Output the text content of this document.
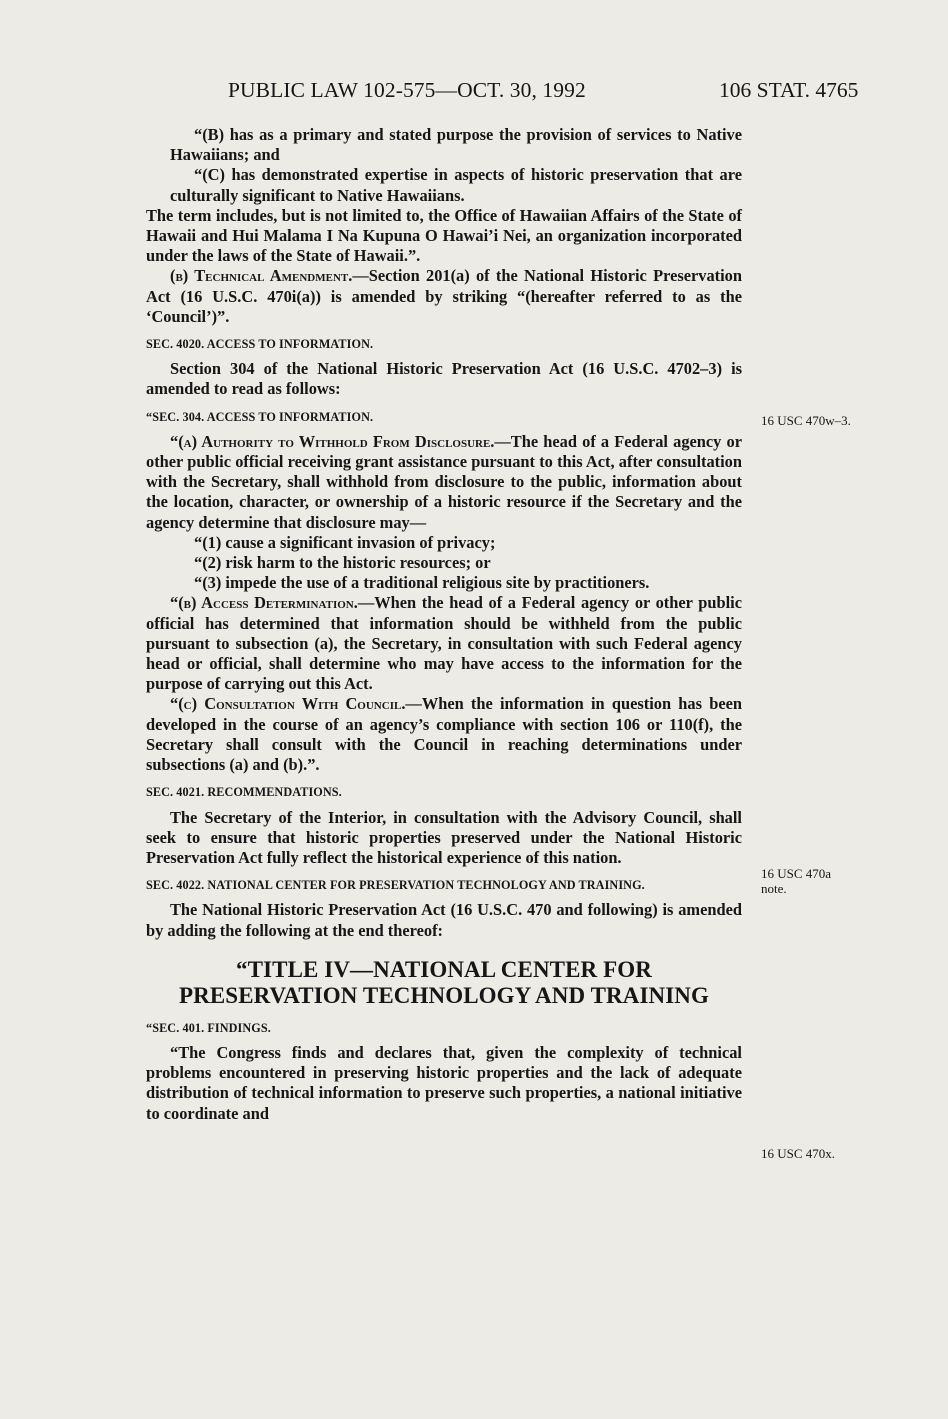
PUBLIC LAW 102-575—OCT. 30, 1992	106 STAT. 4765

“(B) has as a primary and stated purpose the provision of services to Native Hawaiians; and

“(C) has demonstrated expertise in aspects of historic preservation that are culturally significant to Native Hawaiians.

The term includes, but is not limited to, the Office of Hawaiian Affairs of the State of Hawaii and Hui Malama I Na Kupuna O Hawai’i Nei, an organization incorporated under the laws of the State of Hawaii.”.

(b) Technical Amendment.—Section 201(a) of the National Historic Preservation Act (16 U.S.C. 470i(a)) is amended by striking “(hereafter referred to as the ‘Council’)”.

SEC. 4020. ACCESS TO INFORMATION.

Section 304 of the National Historic Preservation Act (16 U.S.C. 4702–3) is amended to read as follows:

“SEC. 304. ACCESS TO INFORMATION.

“(a) Authority to Withhold From Disclosure.—The head of a Federal agency or other public official receiving grant assistance pursuant to this Act, after consultation with the Secretary, shall withhold from disclosure to the public, information about the location, character, or ownership of a historic resource if the Secretary and the agency determine that disclosure may—

“(1) cause a significant invasion of privacy;

“(2) risk harm to the historic resources; or

“(3) impede the use of a traditional religious site by practitioners.

“(b) Access Determination.—When the head of a Federal agency or other public official has determined that information should be withheld from the public pursuant to subsection (a), the Secretary, in consultation with such Federal agency head or official, shall determine who may have access to the information for the purpose of carrying out this Act.

“(c) Consultation With Council.—When the information in question has been developed in the course of an agency’s compliance with section 106 or 110(f), the Secretary shall consult with the Council in reaching determinations under subsections (a) and (b).”.

SEC. 4021. RECOMMENDATIONS.

The Secretary of the Interior, in consultation with the Advisory Council, shall seek to ensure that historic properties preserved under the National Historic Preservation Act fully reflect the historical experience of this nation.

SEC. 4022. NATIONAL CENTER FOR PRESERVATION TECHNOLOGY AND TRAINING.

The National Historic Preservation Act (16 U.S.C. 470 and following) is amended by adding the following at the end thereof:

“TITLE IV—NATIONAL CENTER FOR
PRESERVATION TECHNOLOGY AND TRAINING

“SEC. 401. FINDINGS.

“The Congress finds and declares that, given the complexity of technical problems encountered in preserving historic properties and the lack of adequate distribution of technical information to preserve such properties, a national initiative to coordinate and

16 USC 470w–3.
16 USC 470a
note.
16 USC 470x.
